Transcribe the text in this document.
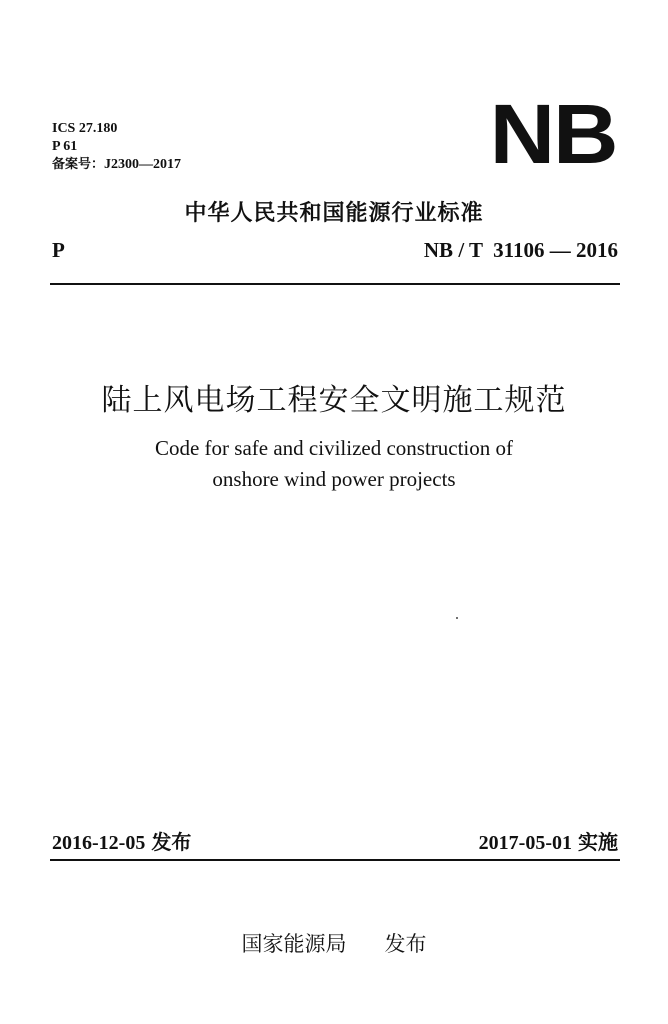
ICS 27.180
P 61
备案号：J2300—2017	NB
中华人民共和国能源行业标准
P	NB / T  31106 — 2016
陆上风电场工程安全文明施工规范
Code for safe and civilized construction of
onshore wind power projects
2016-12-05 发布	2017-05-01 实施
国家能源局 发布
